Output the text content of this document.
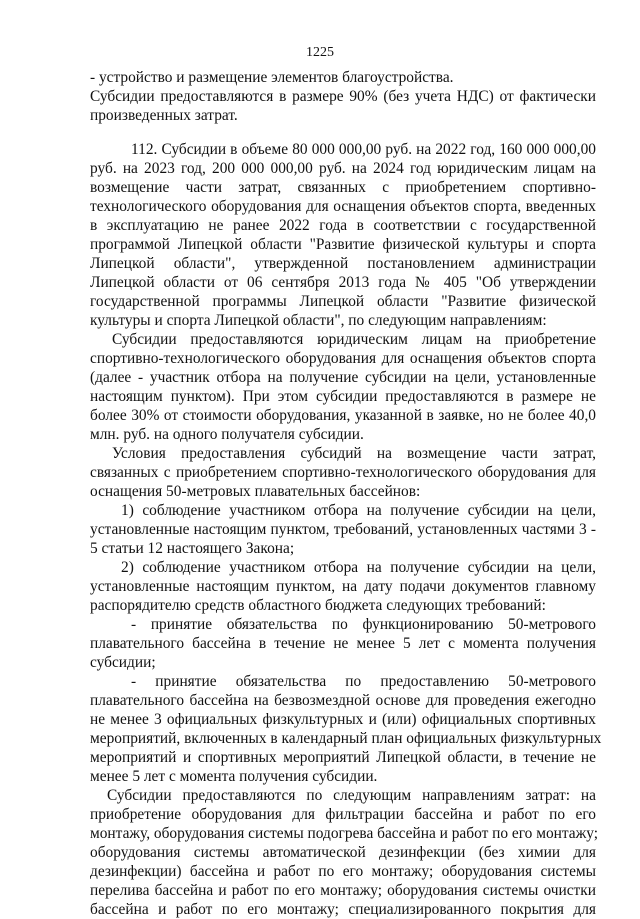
1225
- устройство и размещение элементов благоустройства.
Субсидии предоставляются в размере 90% (без учета НДС) от фактически
произведенных затрат.
112. Субсидии в объеме 80 000 000,00 руб. на 2022 год, 160 000 000,00
руб. на 2023 год, 200 000 000,00 руб. на 2024 год юридическим лицам на
возмещение части затрат, связанных с приобретением спортивно-
технологического оборудования для оснащения объектов спорта, введенных
в эксплуатацию не ранее 2022 года в соответствии с государственной
программой Липецкой области "Развитие физической культуры и спорта
Липецкой области", утвержденной постановлением администрации
Липецкой области от 06 сентября 2013 года № 405 "Об утверждении
государственной программы Липецкой области "Развитие физической
культуры и спорта Липецкой области", по следующим направлениям:
Субсидии предоставляются юридическим лицам на приобретение
спортивно-технологического оборудования для оснащения объектов спорта
(далее - участник отбора на получение субсидии на цели, установленные
настоящим пунктом). При этом субсидии предоставляются в размере не
более 30% от стоимости оборудования, указанной в заявке, но не более 40,0
млн. руб. на одного получателя субсидии.
Условия предоставления субсидий на возмещение части затрат,
связанных с приобретением спортивно-технологического оборудования для
оснащения 50-метровых плавательных бассейнов:
1) соблюдение участником отбора на получение субсидии на цели,
установленные настоящим пунктом, требований, установленных частями 3 -
5 статьи 12 настоящего Закона;
2) соблюдение участником отбора на получение субсидии на цели,
установленные настоящим пунктом, на дату подачи документов главному
распорядителю средств областного бюджета следующих требований:
- принятие обязательства по функционированию 50-метрового
плавательного бассейна в течение не менее 5 лет с момента получения
субсидии;
- принятие обязательства по предоставлению 50-метрового
плавательного бассейна на безвозмездной основе для проведения ежегодно
не менее 3 официальных физкультурных и (или) официальных спортивных
мероприятий, включенных в календарный план официальных физкультурных
мероприятий и спортивных мероприятий Липецкой области, в течение не
менее 5 лет с момента получения субсидии.
Субсидии предоставляются по следующим направлениям затрат: на
приобретение оборудования для фильтрации бассейна и работ по его
монтажу, оборудования системы подогрева бассейна и работ по его монтажу;
оборудования системы автоматической дезинфекции (без химии для
дезинфекции) бассейна и работ по его монтажу; оборудования системы
перелива бассейна и работ по его монтажу; оборудования системы очистки
бассейна и работ по его монтажу; специализированного покрытия для
